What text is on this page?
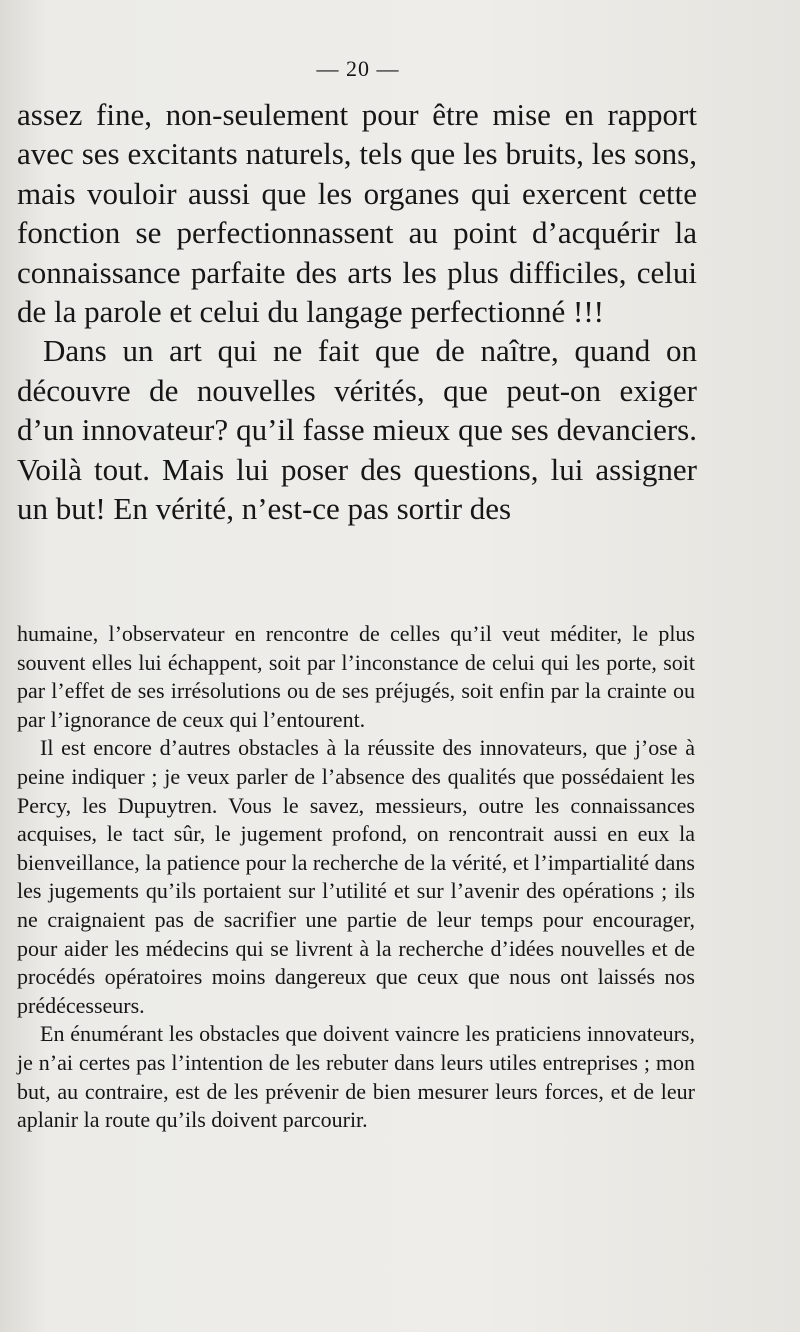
— 20 —

assez fine, non-seulement pour être mise en rapport avec ses excitants naturels, tels que les bruits, les sons, mais vouloir aussi que les organes qui exercent cette fonction se perfectionnassent au point d’acquérir la connaissance parfaite des arts les plus difficiles, celui de la parole et celui du langage perfectionné !!!

Dans un art qui ne fait que de naître, quand on découvre de nouvelles vérités, que peut-on exiger d’un innovateur? qu’il fasse mieux que ses devanciers. Voilà tout. Mais lui poser des questions, lui assigner un but! En vérité, n’est-ce pas sortir des

humaine, l’observateur en rencontre de celles qu’il veut méditer, le plus souvent elles lui échappent, soit par l’inconstance de celui qui les porte, soit par l’effet de ses irrésolutions ou de ses préjugés, soit enfin par la crainte ou par l’ignorance de ceux qui l’entourent.

Il est encore d’autres obstacles à la réussite des innovateurs, que j’ose à peine indiquer ; je veux parler de l’absence des qualités que possédaient les Percy, les Dupuytren. Vous le savez, messieurs, outre les connaissances acquises, le tact sûr, le jugement profond, on rencontrait aussi en eux la bienveillance, la patience pour la recherche de la vérité, et l’impartialité dans les jugements qu’ils portaient sur l’utilité et sur l’avenir des opérations ; ils ne craignaient pas de sacrifier une partie de leur temps pour encourager, pour aider les médecins qui se livrent à la recherche d’idées nouvelles et de procédés opératoires moins dangereux que ceux que nous ont laissés nos prédécesseurs.

En énumérant les obstacles que doivent vaincre les praticiens innovateurs, je n’ai certes pas l’intention de les rebuter dans leurs utiles entreprises ; mon but, au contraire, est de les prévenir de bien mesurer leurs forces, et de leur aplanir la route qu’ils doivent parcourir.
